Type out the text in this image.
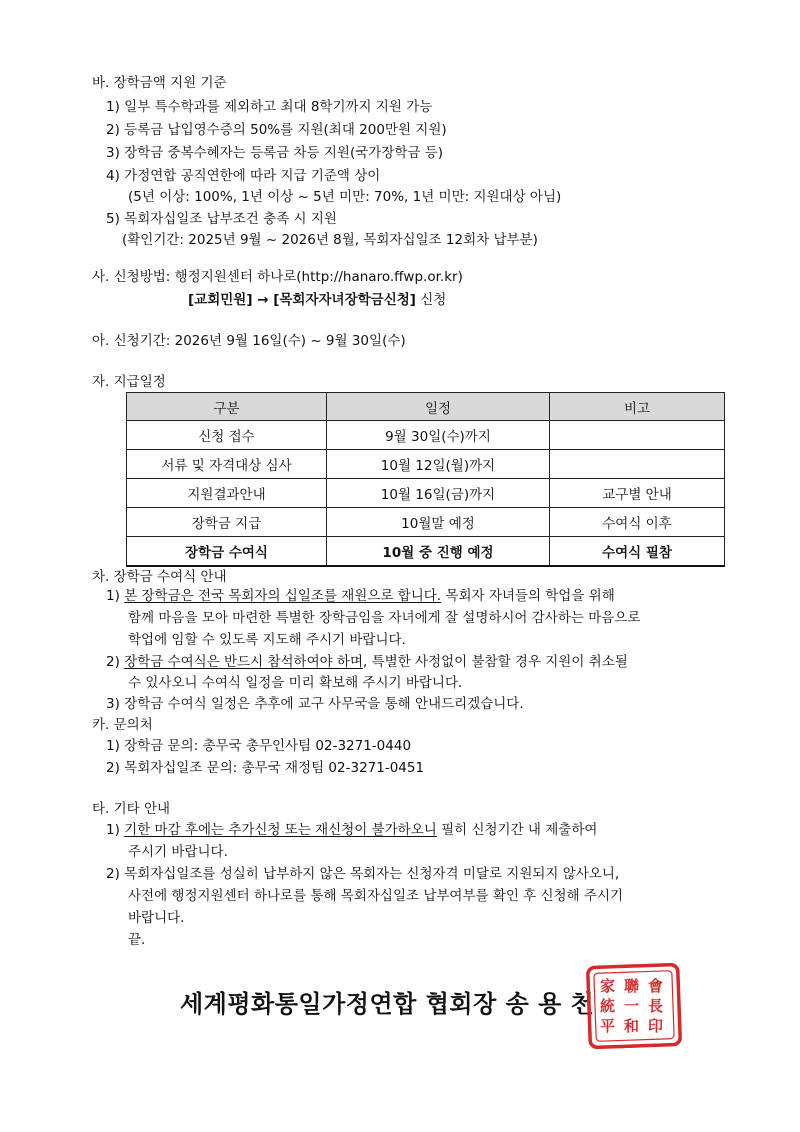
바. 장학금액 지원 기준
1) 일부 특수학과를 제외하고 최대 8학기까지 지원 가능
2) 등록금 납입영수증의 50%를 지원(최대 200만원 지원)
3) 장학금 중복수혜자는 등록금 차등 지원(국가장학금 등)
4) 가정연합 공직연한에 따라 지급 기준액 상이
(5년 이상: 100%, 1년 이상 ~ 5년 미만: 70%, 1년 미만: 지원대상 아님)
5) 목회자십일조 납부조건 충족 시 지원
(확인기간: 2025년 9월 ~ 2026년 8월, 목회자십일조 12회차 납부분)
사. 신청방법: 행정지원센터 하나로(http://hanaro.ffwp.or.kr)
[교회민원] → [목회자자녀장학금신청] 신청
아. 신청기간: 2026년 9월 16일(수) ~ 9월 30일(수)
자. 지급일정
구분	일정	비고
신청 접수	9월 30일(수)까지	
서류 및 자격대상 심사	10월 12일(월)까지	
지원결과안내	10월 16일(금)까지	교구별 안내
장학금 지급	10월말 예정	수여식 이후
장학금 수여식	10월 중 진행 예정	수여식 필참
차. 장학금 수여식 안내
1) 본 장학금은 전국 목회자의 십일조를 재원으로 합니다. 목회자 자녀들의 학업을 위해
함께 마음을 모아 마련한 특별한 장학금임을 자녀에게 잘 설명하시어 감사하는 마음으로
학업에 임할 수 있도록 지도해 주시기 바랍니다.
2) 장학금 수여식은 반드시 참석하여야 하며, 특별한 사정없이 불참할 경우 지원이 취소될
수 있사오니 수여식 일정을 미리 확보해 주시기 바랍니다.
3) 장학금 수여식 일정은 추후에 교구 사무국을 통해 안내드리겠습니다.
카. 문의처
1) 장학금 문의: 총무국 총무인사팀 02-3271-0440
2) 목회자십일조 문의: 총무국 재정팀 02-3271-0451
타. 기타 안내
1) 기한 마감 후에는 추가신청 또는 재신청이 불가하오니 필히 신청기간 내 제출하여
주시기 바랍니다.
2) 목회자십일조를 성실히 납부하지 않은 목회자는 신청자격 미달로 지원되지 않사오니,
사전에 행정지원센터 하나로를 통해 목회자십일조 납부여부를 확인 후 신청해 주시기
바랍니다.
끝.
세계평화통일가정연합 협회장 송 용 천
家
統
平
聯
一
和
會
長
印
